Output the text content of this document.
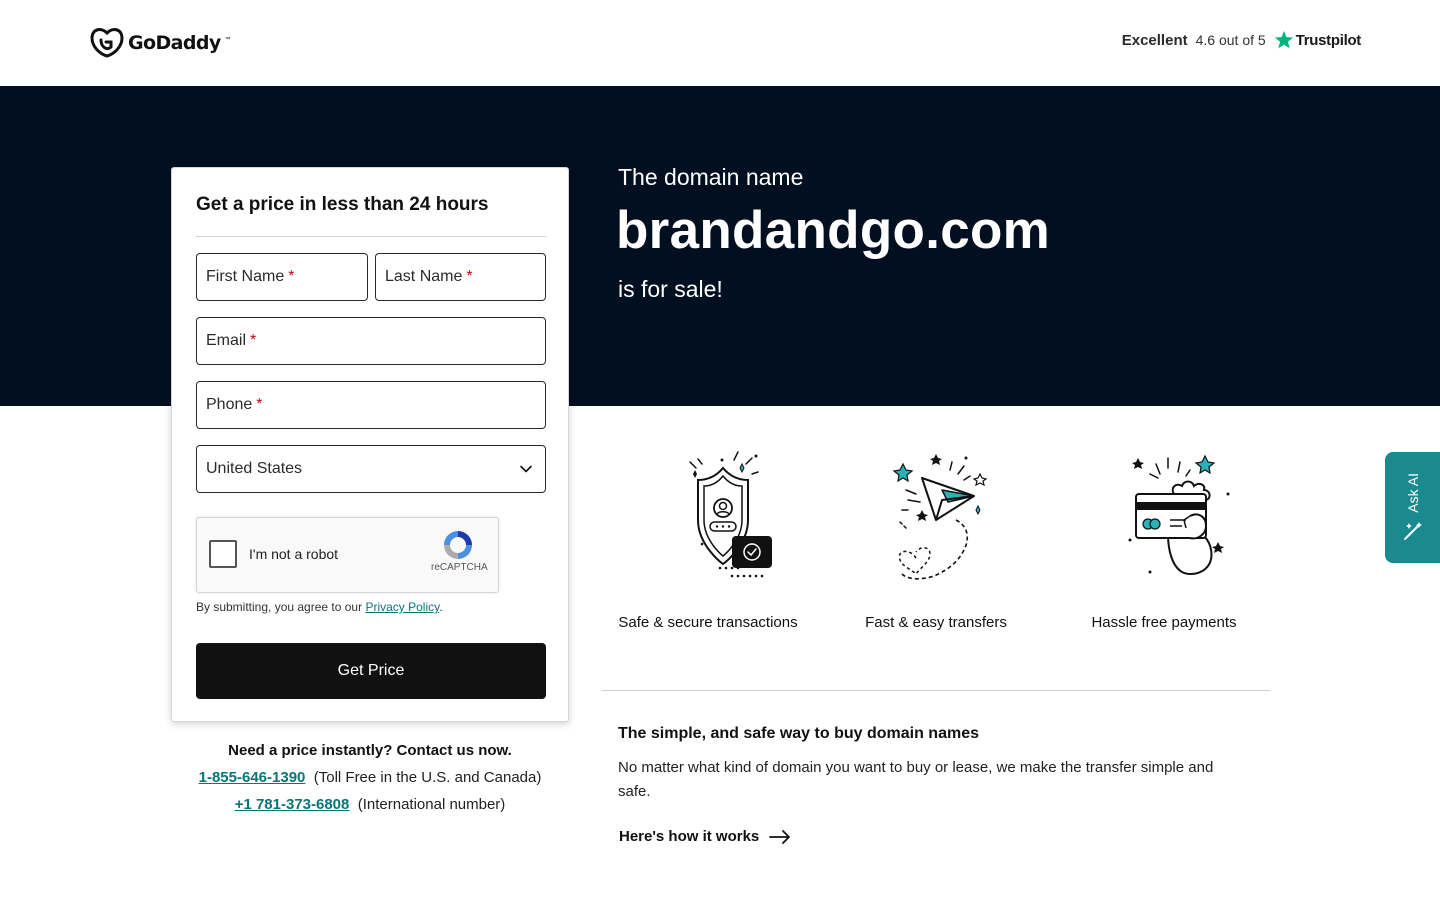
GoDaddy ™	Excellent 4.6 out of 5 Trustpilot
The domain name
brandandgo.com
is for sale!
Get a price in less than 24 hours
First Name *	Last Name *
Email *
Phone *
United States
I'm not a robot
reCAPTCHA
By submitting, you agree to our Privacy Policy.
Get Price
Need a price instantly? Contact us now.
1-855-646-1390 (Toll Free in the U.S. and Canada)
+1 781-373-6808 (International number)
Safe & secure transactions	Fast & easy transfers	Hassle free payments
The simple, and safe way to buy domain names
No matter what kind of domain you want to buy or lease, we make the transfer simple and safe.
Here's how it works
Ask AI
